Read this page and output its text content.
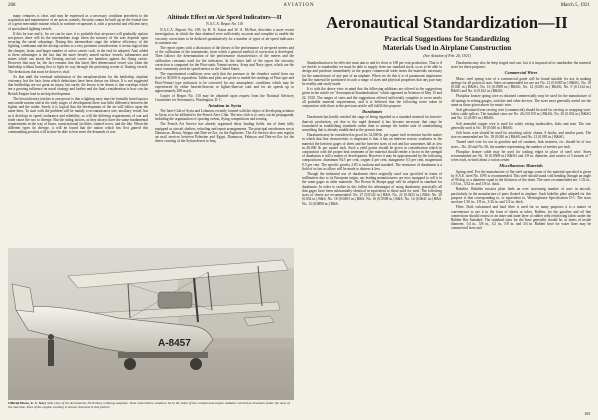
268	AVIATION	March 5, 1921

many centuries is clear, and may be expressed as a necessary condition precedent to the acquisition and maintenance of air power, namely, Security cannot be built up on the frontal face of a great mercantile marine which in wartime recuperates it, with a powerful and efficient navy of specialized fighting vessels.

If this be true and it, for we can be sure, it is probable that air-power will gradually replace sea-power, there will be the intermediate stage when the mastery of the seas depends upon securing the aerial advantage. During this intermediate stage the relative efficiency of the fighting, combatant and the airship carriers is a very pertinent consideration; it seems logical that the cheaper, faster, and larger number of active carrier craft, in the end, be adopted. And, added to these advantages is the fact that the more heavily armed surface vessels, submarines and mines which can attack the floating aircraft carrier are harmless against the flying carrier. However that may be, the fact remains that this latest fleet dimensional vessel was when the battleship without having first to fight its way through the protecting screen of floating vessels. The deductions that must be drawn is vital.

As that until the eventual substitution of the aeroplane-plane for the battleship, airplane visionary, but the facts from which deductions have been drawn are blown. It is not suggested that battleships are too great an injury, but surely the lesson to be drawn is that warships which are a growing influence on naval strategy and further and the final consideration is how can the British Empire lead in airship development.

The lesson history teaches is one-power is that a fighting navy must be formally based upon a mercantile marine and in the early stages of development there was little difference between the fighter and the trader. Surely it is logical that the development of the air will follow upon the same lines. To start with the problem will be mainly a reconnaissance one; auxiliary vessel, but as it develops in speed, endurance and reliability, so will the differing requirements of war and trade cause the two to diverge. But the ruling factors, as they always have the same fundamental requirements in the way of bases, constructional facilities, trained crews, and the like. When the different types do diverge, it will be found that the nation which has first gained this commanding position will in time be able to best meet the demands of war.

Altitude Effect on Air Speed Indicators—II
N.A.C.A. Report No. 110

N.A.C.A. Reports No. 109, by H. N. Eaton and W. A. McNair, describes a more recent investigation, in which the data obtained were sufficiently accurate and complete to enable the viscosity corrections to be deduced quantitatively for a number of types of air-speed indicators in common use.

The report opens with a discussion of the theory of the performance of air-speed meters and of the calibration of the instruments, from which a general method of correction is developed. Then follows the determination of the performance characteristics of the meters and the calibration constants used for the indicators. In the latter half of the report the viscosity correction is computed for the Pitot-static Venturi meters, Army and Navy types, which are the most commonly used air-speed meters in the United States.

The experimental conditions were such that the pressure in the chamber varied from sea level to 30,000 ft. equivalent. Tables and plots are given to enable the readings of Pitot type and Pitot-Venturi type indicators to be corrected for any atmospheric conditions which may be experienced by either heavier-than-air or lighter-than-air craft and for air speeds up to approximately 200 m.p.h.

Copies of Report No. 110 may be obtained upon request from the National Advisory Committee for Aeronautics, Washington, D. C.

Aviation in Syria

The Inter-Club of Syria and Lebanon, recently formed with the object of developing aviation in Syria, is to be affiliated to the French Aero Club. The new club is to carry out air propaganda, including the organization of sporting events, flying competitions and touring.

The French Air Service has already organized thirty landing fields, ten of them fully equipped as aircraft shelters, refueling and repair arrangements. The principal aerodromes are at Damascus, Beirut, Aleppo and Deir-ez-Zor, on the Euphrates. The Air Service also runs regular air mail services between Palestine and Egypt, Damascus, Palmyra and Deir-ez-Zor for the direct crossing of the Syrian desert to Iraq.

A-8457
Official Photo, U. S. Navy Side view of the Aeromarine 39-B Navy training seaplane. Note observation windows let in the sides of the cockpit and engine radiator carried on brackets under the nose of the machine. Part of the engine cowling is shown removed in this picture
Aeronautical Standardization—II
Practical Suggestions for Standardizing
Materials Used in Airplane Construction
(See Aviation of Feb. 26, 1921)

Standardization to be effective must aim to and let close to 100 per cent production. That is if we decide to standardize we must be able to supply from our standard stock, so as to be able to design and purchase immediately in the proper commercial trade terms the materials necessary for the manufacture of any part of an airplane. When we do this it is of paramount importance that the material be purchased in such a range of sizes and physical properties that any part may be readily and easily made.

It is with the above view in mind that the following additions are offered to the suggestions given in the article on "Aeronautical Standardization" which appeared in Aviation of May 15 and 22, 1920. The ranges of sizes and the suggestions offered sufficiently complete to cover nearly all probable material requirements, and it is believed that the following notes taken in conjunction with those in the previous article will fulfill this purpose.

Duralumin

Duralumin has hardly reached the stage of being regarded as a standard material for heavier-than-air production, yet due to the rapid demand it has become necessary that steps be formulated in establishing standards rather than to attempt the further task of standardizing something that is already established at the present time.

Duralumin may be considered as good for 32,000 lb. per square inch in tension but the matter in which that fine characteristic is important is that it has an inherent serious weakness in the material the heaviest gages of sheet and the heaviest sizes of rod and bar sometimes fall as low as 40,000 lb. per square inch. Such a yield points should be given in consideration which in conjunction with the proper heat treatment of the material should render a factor in the strength of duralumin is still a matter of development. However it may be approximated by the following compositions: aluminum 94.5 per cent, copper 4 per cent, manganese 0.5 per cent, magnesium 0.5 per cent. The specific gravity 2.85 is uniform and standard. The resistance of duralumin is a field of as fast as alloys will be made to distress it less.

Though the industrial use of duralumin sheet originally used was specified in terms of millimeters due to its European origin, our leading manufacturers are now equipped to roll it in the same gages as other materials. The Brown & Sharpe gage will be adopted as standard for duralumin. In order to realize in this fullest the advantages of using duralumin, practically all thin gages have been substantially identical in equivalent to those used for steel. The following sizes of sheets are recommended: No. 27 (0.0142 in.) B&S, No. 22 (0.0253 in.) B&S, No. 20 (0.032 in.) B&S, No. 18 (0.0403 in.) B&S, No. 16 (0.0508 in.) B&S, No. 14 (0.0641 in.) B&S, No. 12 (0.0808 in.) B&S.

Duralumin may also be deep forged and cast, but it is impractical to standardize the material sizes for these purposes.

Commercial Wires

Music steel spring wire of a commercial grade will be found suitable for use in making springs for all practical uses. Sizes recommended for use are No. 21 (0.0285 in.) B&SG, No. 18 (0.040 in.) B&SG, No. 16 (0.0508 in.) B&SG, No. 12 (0.081 in.) B&SG, No. 9 (0.1144 in.) B&SG and No. 6 (0.162 in.) B&SG.

Phosphor bronze spring wire as obtained commercially may be used for the manufacture of all springs in setting gauges, switches and other devices. The sizes most generally useful are the same as those given above for music wire.

Soft galvanized iron serving wire (commercial) should be used for serving or wrapping wire-fabric cable splices. The standard sizes are No. 26 (0.0159 in.) B&SG, No. 20 (0.032 in.) B&SG and No. 12 (0.081 in.) B&SG.

Soft annealed copper wire is used for safety wiring turnbuckles, bolts and nuts. The size generally used is No. 18 (0.040 in.) B&SG.

Soft brass wire should be used for attaching safety chains, S hooks, and similar parts. The size recommended are No. 18 (0.040 in.) B&SG and No. 12 (0.081 in.) B&SG.

Tinned steel wire for use in gasoline and oil strainers, leak strainers, etc. should be of two sizes—No. 40 and No. 60, the number representing the number of meshes per inch.

Phosphor bronze cable may be used for trailing edges in place of steel wire. Sizes recommended are No. 16 (0.0508 in.) B&SG and 1/8 in. diameter, and consist of 3 strands of 7 wires each, twisted about a cotton center.

Miscellaneous Materials

Spring steel. For the manufacture of flat steel springs some of the material specified is given by S.A.E. steel No. 1095 is recommended. This steel should stand cold bending through an angle of 90 deg. to a diameter equal to the thickness of the sheet. The sizes recommended are: 1/32 in., 1/16 in., 3/32 in. and 1/8 in. thick.

Bakelite. Bakelite micarta plate finds an ever increasing number of uses in aircraft, particularly in the manufacture of parts floated in airplane. Such bakelite plate adapted for this purpose is that corresponding to, or equivalent to, Westinghouse Specification D-1. The sizes used are 1/16 in., 1/8 in., 3/16 in. and 1/4 in. thick.

Fibre. Both vulcanized and hard fibre is used for so many purposes it is a matter of convenience to use it in the form of sheets or tubes. Rubber, for the gasoline and oil line connections should consist of an inner and outer layer of rubber with reinforcing fabric under the Rubber Bar Standard. The standard sizes for the hose generally should be, in terms of inside diameter, 1/4 in., 3/8 in., 1/2 in., 5/8 in. and 3/4 in. Rubber hose for water lines may be commercial hose and

269
